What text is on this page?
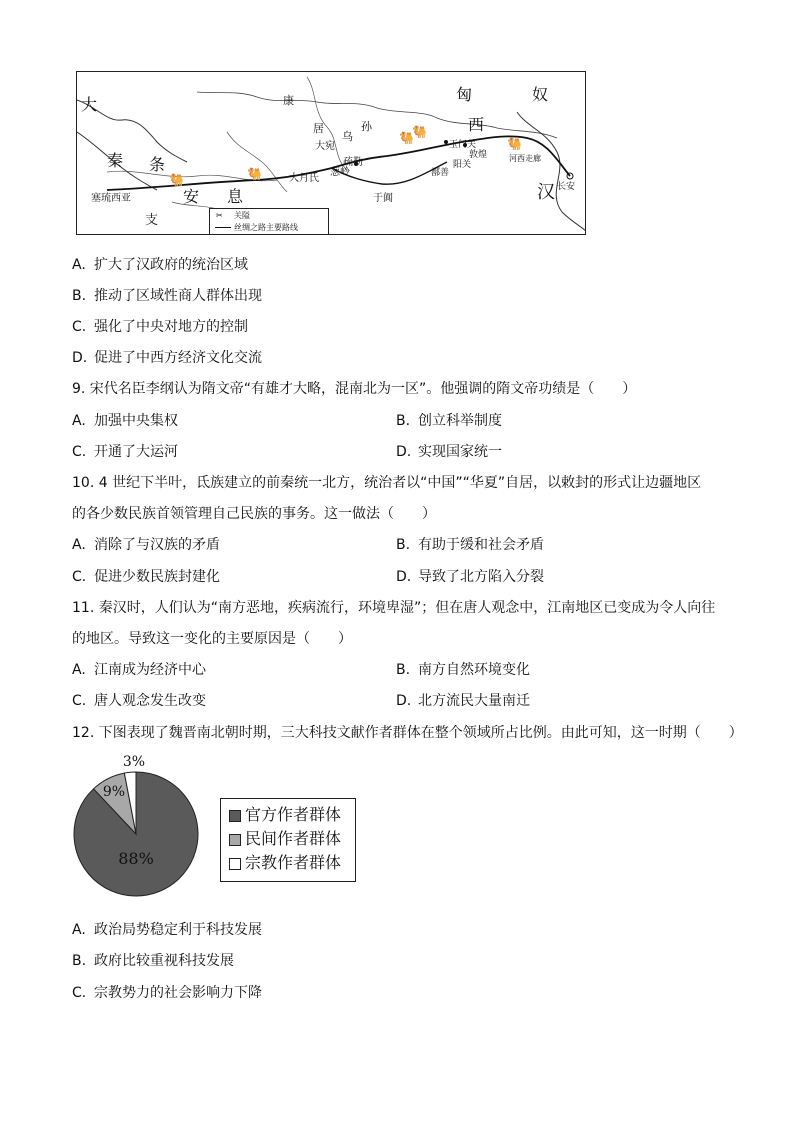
🐫	🐫
🐫	🐫
🐫
大
匈	奴
康
居
乌
孙	西
大宛	玉门关
敦煌	河西走廊
疏勒
大月氏
葱岭
阳关
鄯善
秦 条
安 息	汉 长安
于阗
塞琉西亚
支	✂ 关隘
丝绸之路主要路线
A. 扩大了汉政府的统治区域
B. 推动了区域性商人群体出现
C. 强化了中央对地方的控制
D. 促进了中西方经济文化交流
9. 宋代名臣李纲认为隋文帝“有雄才大略，混南北为一区”。他强调的隋文帝功绩是（　　）
A. 加强中央集权	B. 创立科举制度
C. 开通了大运河	D. 实现国家统一
10. 4 世纪下半叶，氐族建立的前秦统一北方，统治者以“中国”“华夏”自居，以敕封的形式让边疆地区
的各少数民族首领管理自己民族的事务。这一做法（　　）
A. 消除了与汉族的矛盾	B. 有助于缓和社会矛盾
C. 促进少数民族封建化	D. 导致了北方陷入分裂
11. 秦汉时，人们认为“南方恶地，疾病流行，环境卑湿”；但在唐人观念中，江南地区已变成为令人向往
的地区。导致这一变化的主要原因是（　　）
A. 江南成为经济中心	B. 南方自然环境变化
C. 唐人观念发生改变	D. 北方流民大量南迁
12. 下图表现了魏晋南北朝时期，三大科技文献作者群体在整个领域所占比例。由此可知，这一时期（　　）
88%
9%
3%
官方作者群体
民间作者群体
宗教作者群体
A. 政治局势稳定利于科技发展
B. 政府比较重视科技发展
C. 宗教势力的社会影响力下降
